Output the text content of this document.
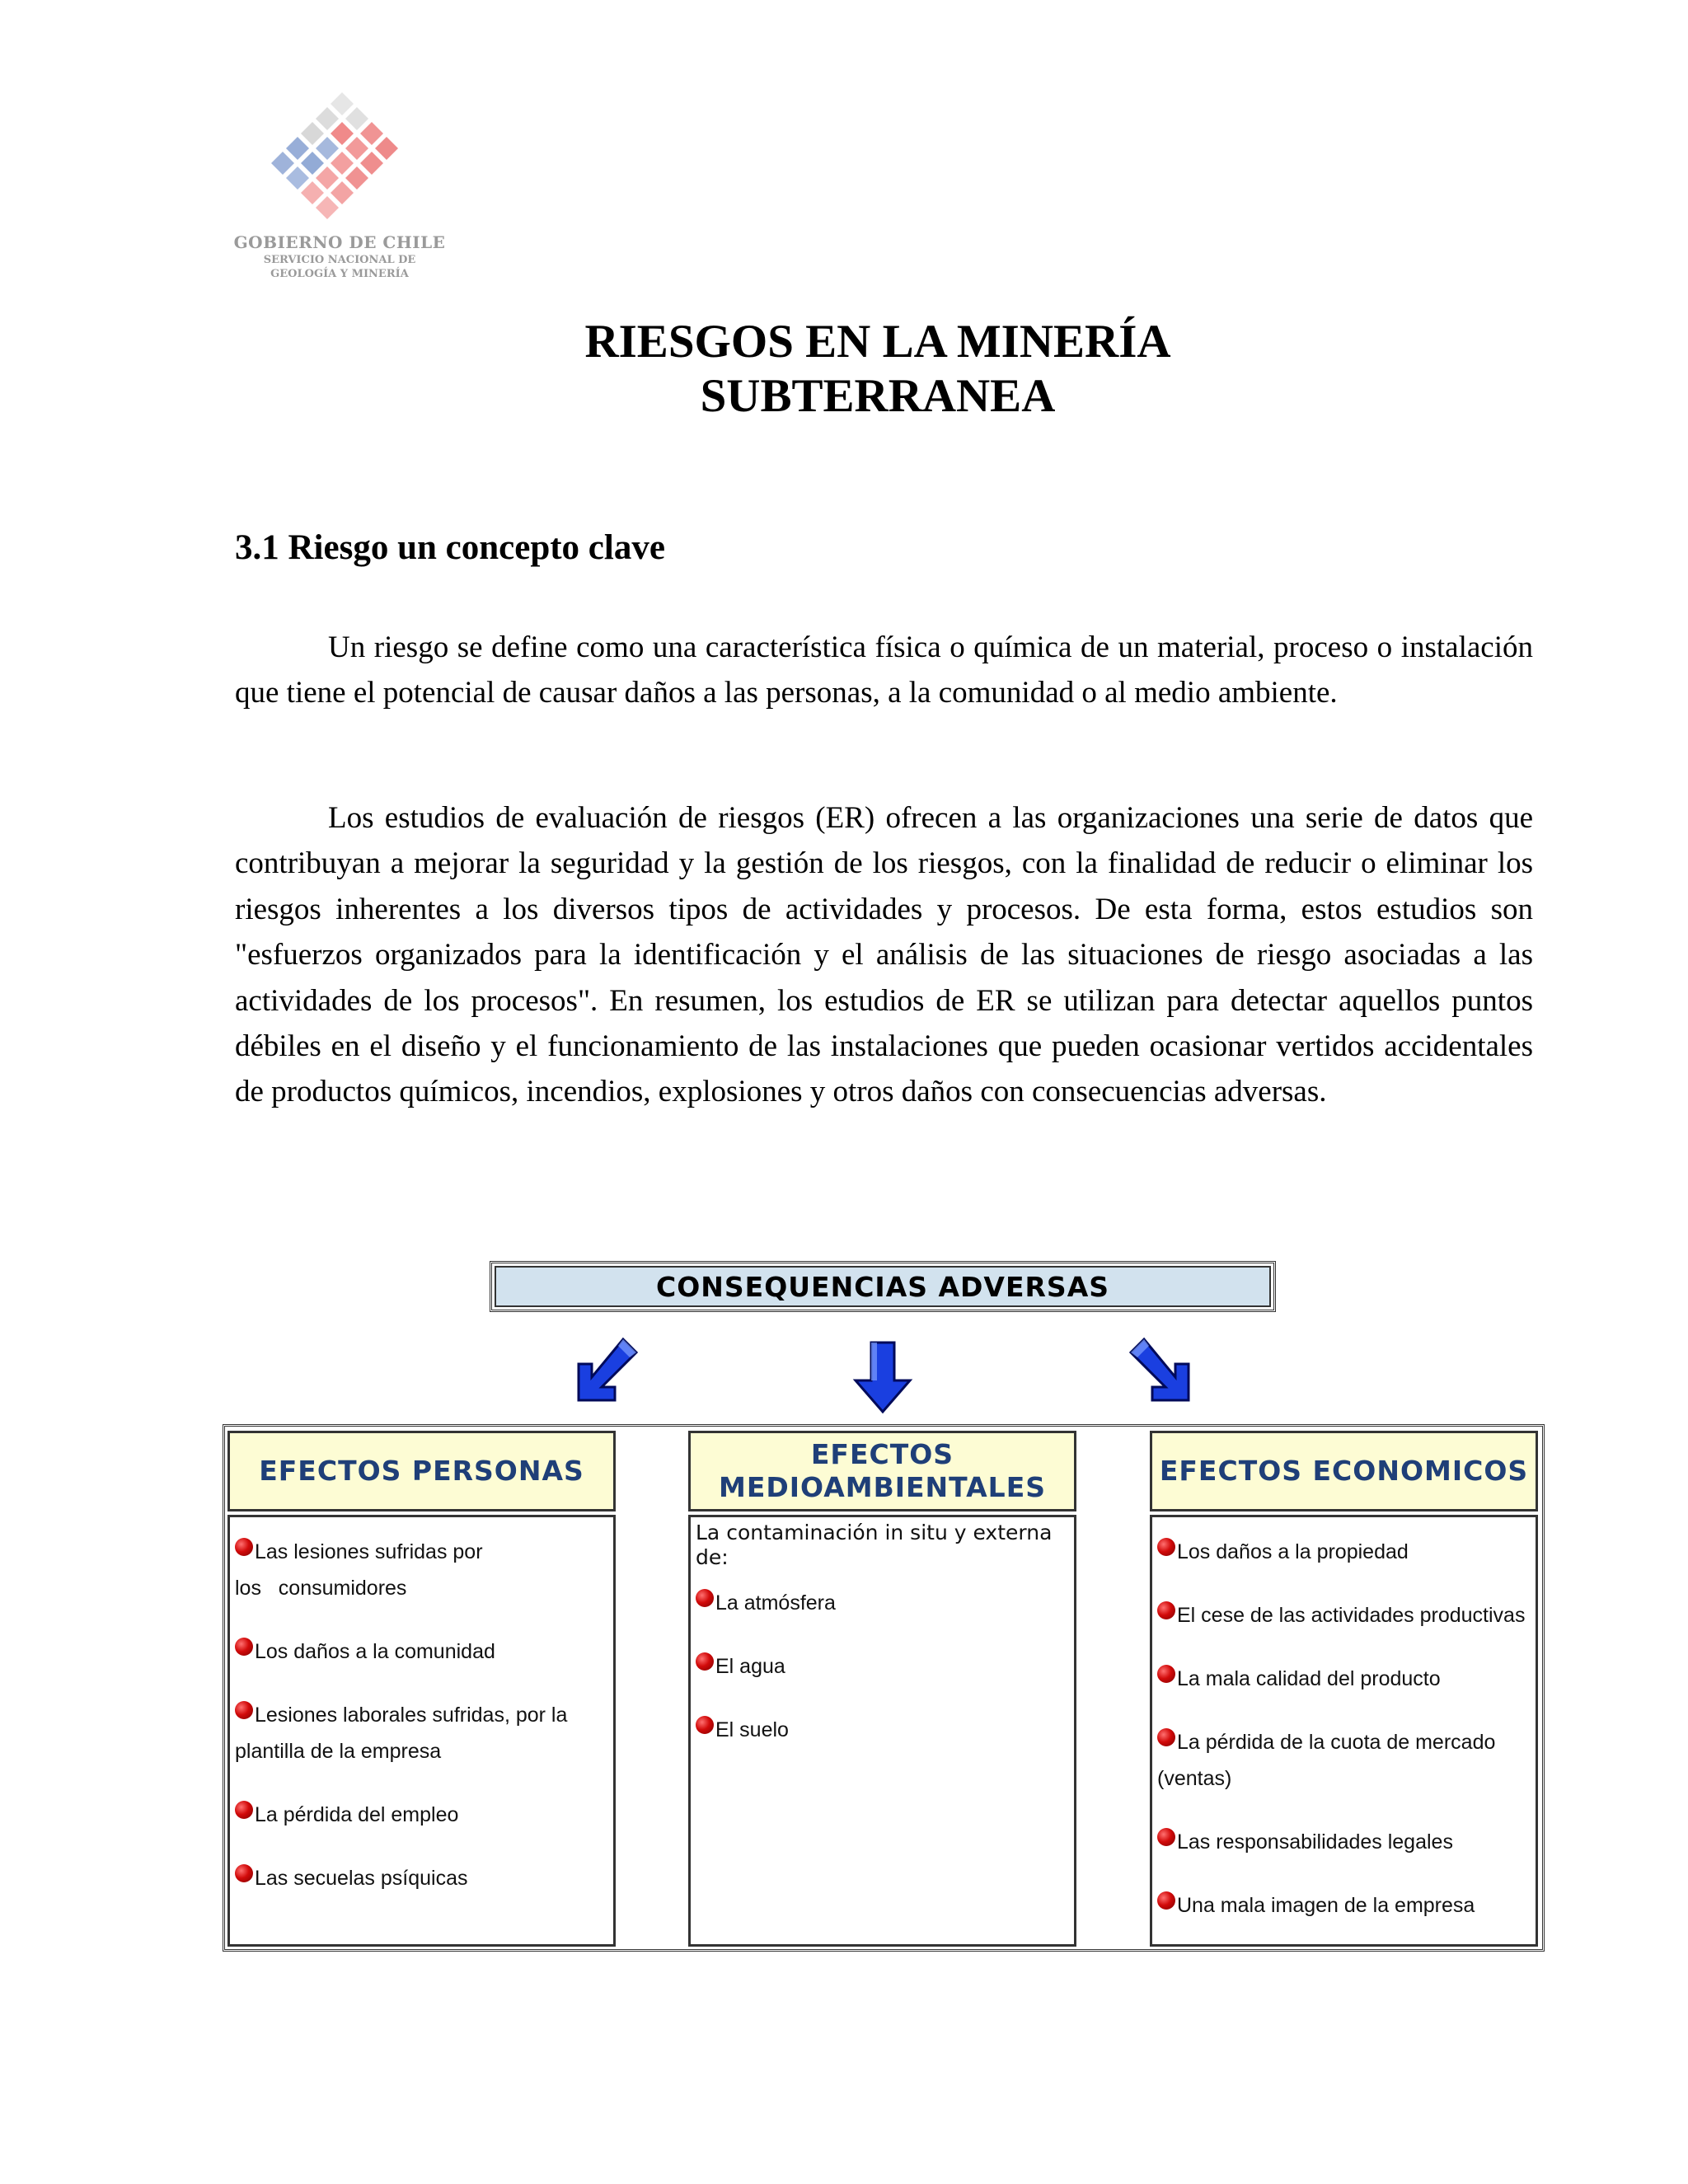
GOBIERNO DE CHILE
SERVICIO NACIONAL DE
GEOLOGÍA Y MINERÍA
RIESGOS EN LA MINERÍA
SUBTERRANEA
3.1 Riesgo un concepto clave

Un riesgo se define como una característica física o química de un material, proceso o instalación que tiene el potencial de causar daños a las personas, a la comunidad o al medio ambiente.

Los estudios de evaluación de riesgos (ER) ofrecen a las organizaciones una serie de datos que contribuyan a mejorar la seguridad y la gestión de los riesgos, con la finalidad de reducir o eliminar los riesgos inherentes a los diversos tipos de actividades y procesos. De esta forma, estos estudios son "esfuerzos organizados para la identificación y el análisis de las situaciones de riesgo asociadas a las actividades de los procesos". En resumen, los estudios de ER se utilizan para detectar aquellos puntos débiles en el diseño y el funcionamiento de las instalaciones que pueden ocasionar vertidos accidentales de productos químicos, incendios, explosiones y otros daños con consecuencias adversas.

CONSEQUENCIAS ADVERSAS
EFECTOS PERSONAS
EFECTOS
MEDIOAMBIENTALES
EFECTOS ECONOMICOS
Las lesiones sufridas por
los   consumidores
Los daños a la comunidad
Lesiones laborales sufridas, por la
plantilla de la empresa
La pérdida del empleo
Las secuelas psíquicas
La contaminación in situ y externa de:
La atmósfera
El agua
El suelo
Los daños a la propiedad
El cese de las actividades productivas
La mala calidad del producto
La pérdida de la cuota de mercado
(ventas)
Las responsabilidades legales
Una mala imagen de la empresa
